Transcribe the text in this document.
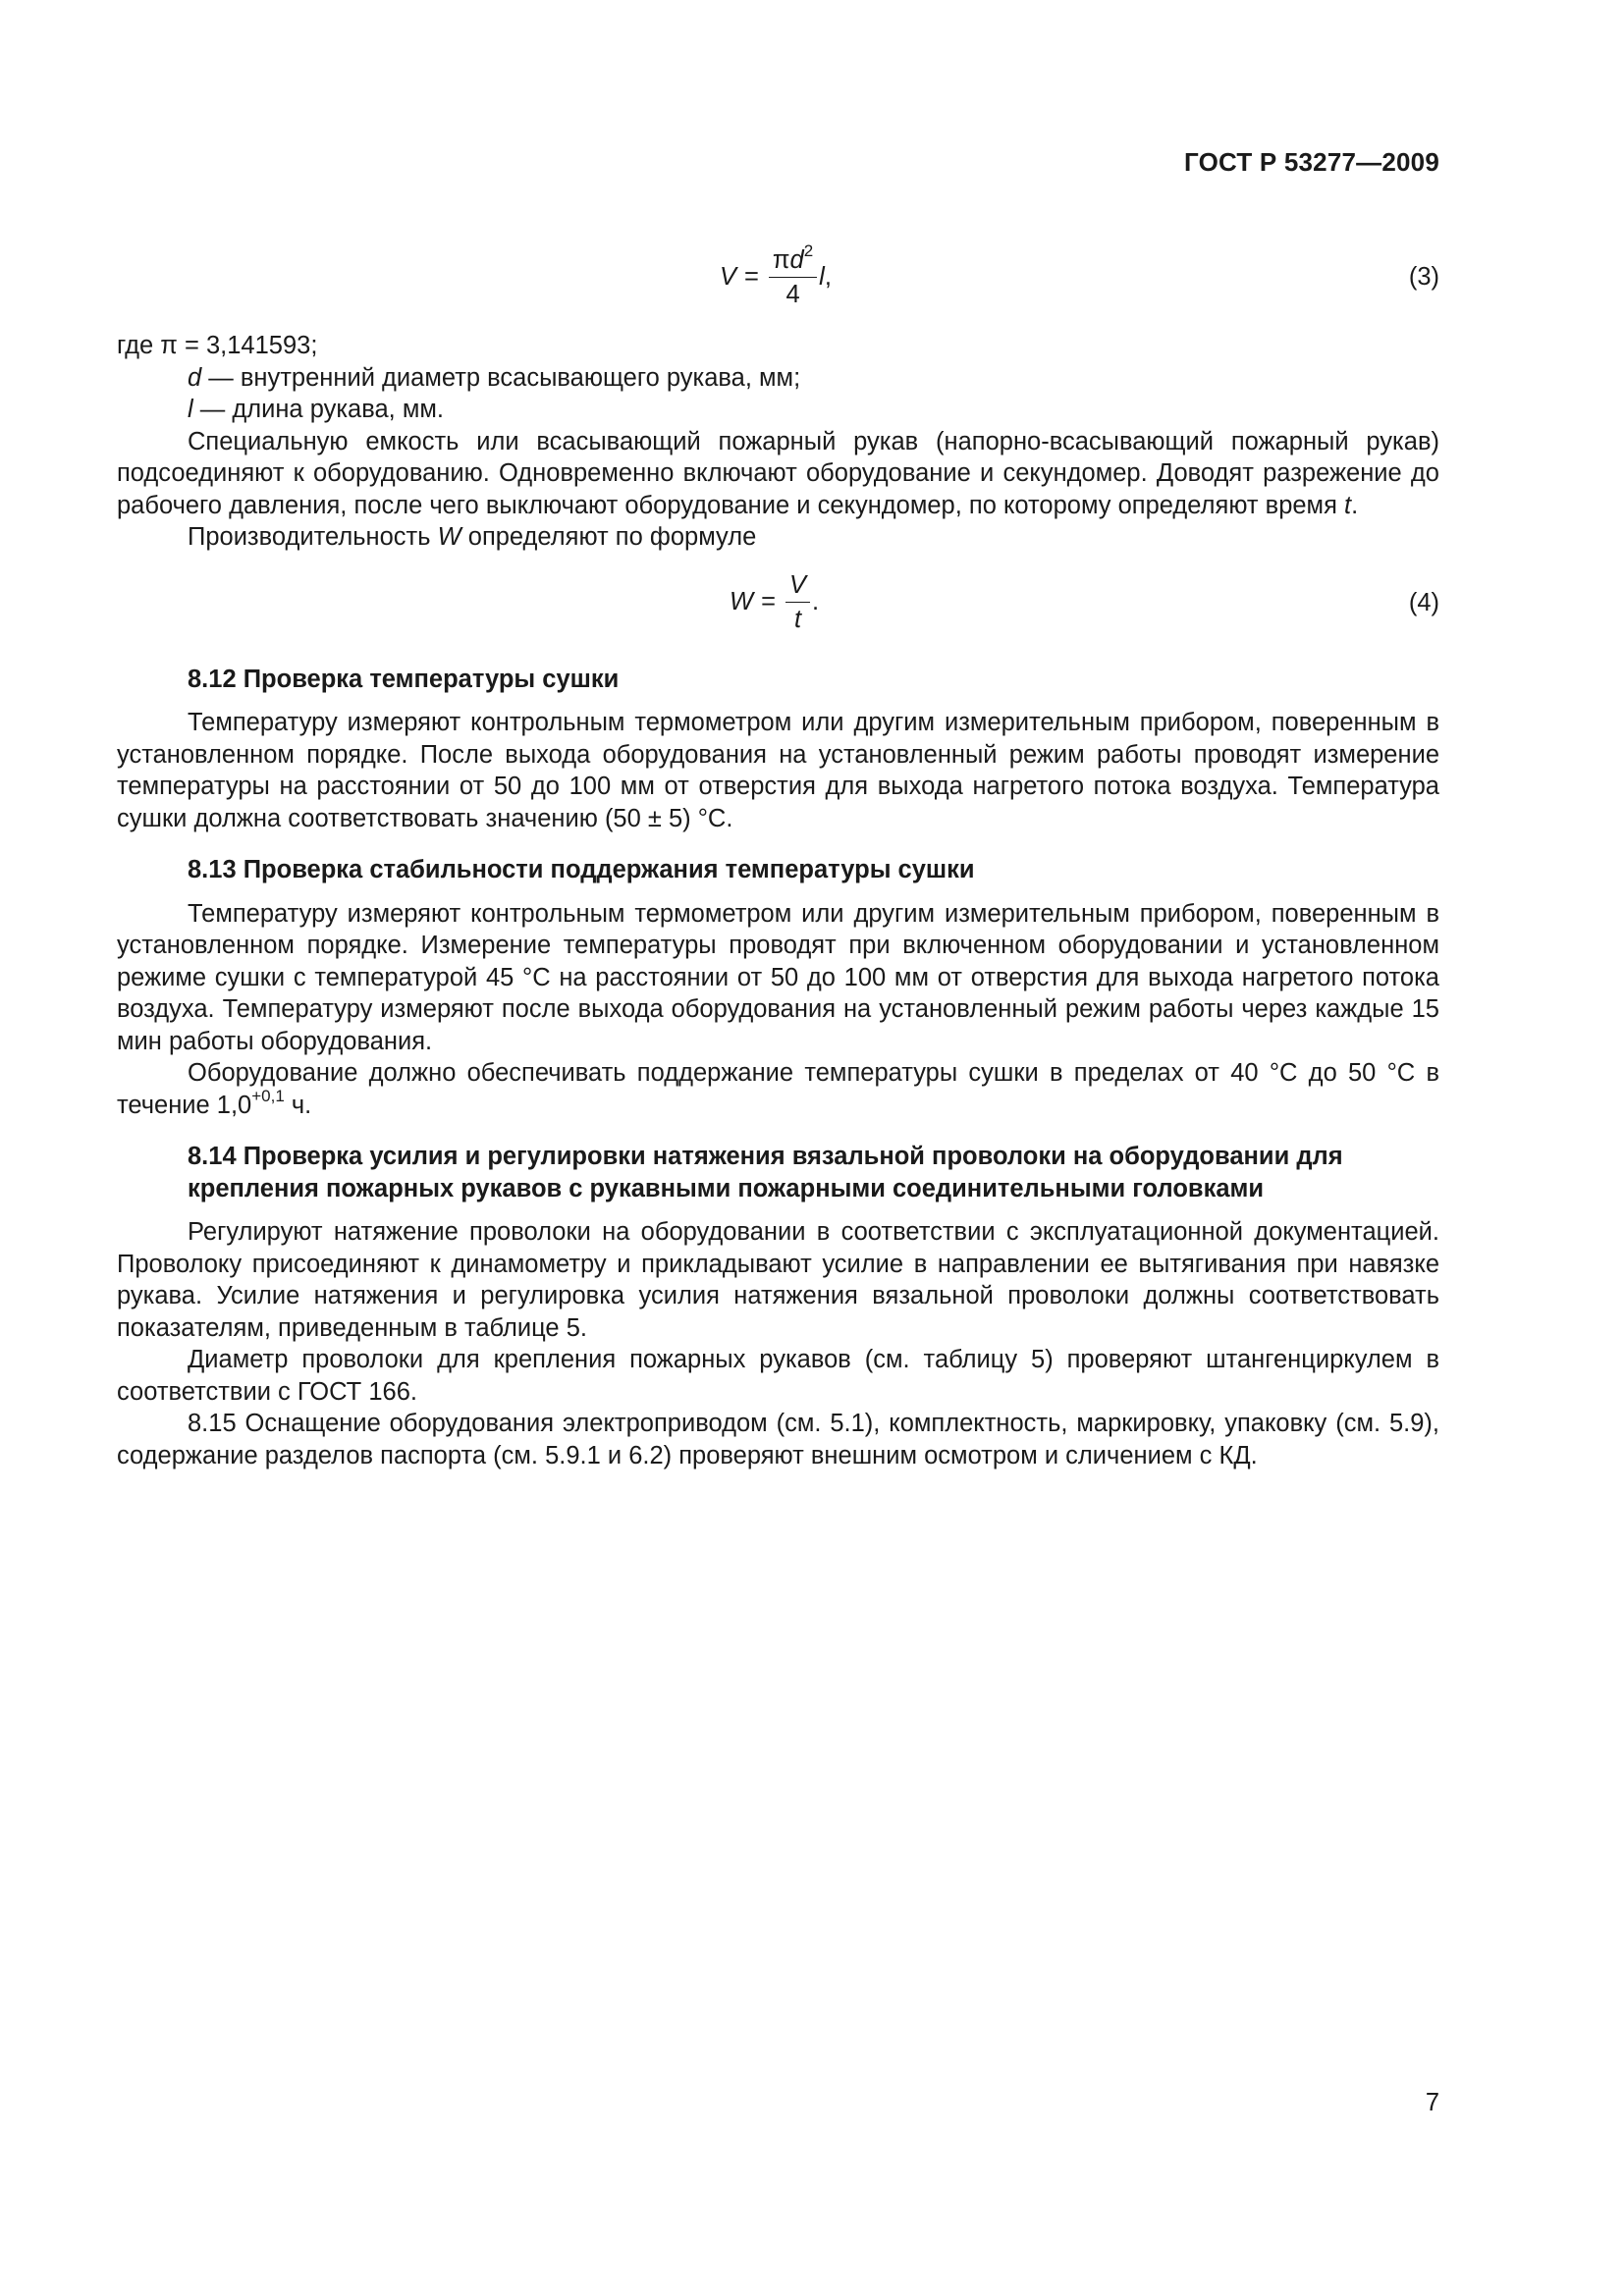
ГОСТ Р 53277—2009
$V = \frac{\pi d^2}{4}$ l ,	(3)

где π = 3,141593;

d — внутренний диаметр всасывающего рукава, мм;

l — длина рукава, мм.

Специальную емкость или всасывающий пожарный рукав (напорно-всасывающий пожарный рукав) подсоединяют к оборудованию. Одновременно включают оборудование и секундомер. Доводят разрежение до рабочего давления, после чего выключают оборудование и секундомер, по которому определяют время t.

Производительность W определяют по формуле

$W = \frac{V}{t}$ .	(4)

8.12 Проверка температуры сушки

Температуру измеряют контрольным термометром или другим измерительным прибором, поверенным в установленном порядке. После выхода оборудования на установленный режим работы проводят измерение температуры на расстоянии от 50 до 100 мм от отверстия для выхода нагретого потока воздуха. Температура сушки должна соответствовать значению (50 ± 5) °С.

8.13 Проверка стабильности поддержания температуры сушки

Температуру измеряют контрольным термометром или другим измерительным прибором, поверенным в установленном порядке. Измерение температуры проводят при включенном оборудовании и установленном режиме сушки с температурой 45 °С на расстоянии от 50 до 100 мм от отверстия для выхода нагретого потока воздуха. Температуру измеряют после выхода оборудования на установленный режим работы через каждые 15 мин работы оборудования.

Оборудование должно обеспечивать поддержание температуры сушки в пределах от 40 °С до 50 °С в течение $1,0^{+0,1}$ ч.

8.14 Проверка усилия и регулировки натяжения вязальной проволоки на оборудовании для крепления пожарных рукавов с рукавными пожарными соединительными головками

Регулируют натяжение проволоки на оборудовании в соответствии с эксплуатационной документацией. Проволоку присоединяют к динамометру и прикладывают усилие в направлении ее вытягивания при навязке рукава. Усилие натяжения и регулировка усилия натяжения вязальной проволоки должны соответствовать показателям, приведенным в таблице 5.

Диаметр проволоки для крепления пожарных рукавов (см. таблицу 5) проверяют штангенциркулем в соответствии с ГОСТ 166.

8.15 Оснащение оборудования электроприводом (см. 5.1), комплектность, маркировку, упаковку (см. 5.9), содержание разделов паспорта (см. 5.9.1 и 6.2) проверяют внешним осмотром и сличением с КД.

7
